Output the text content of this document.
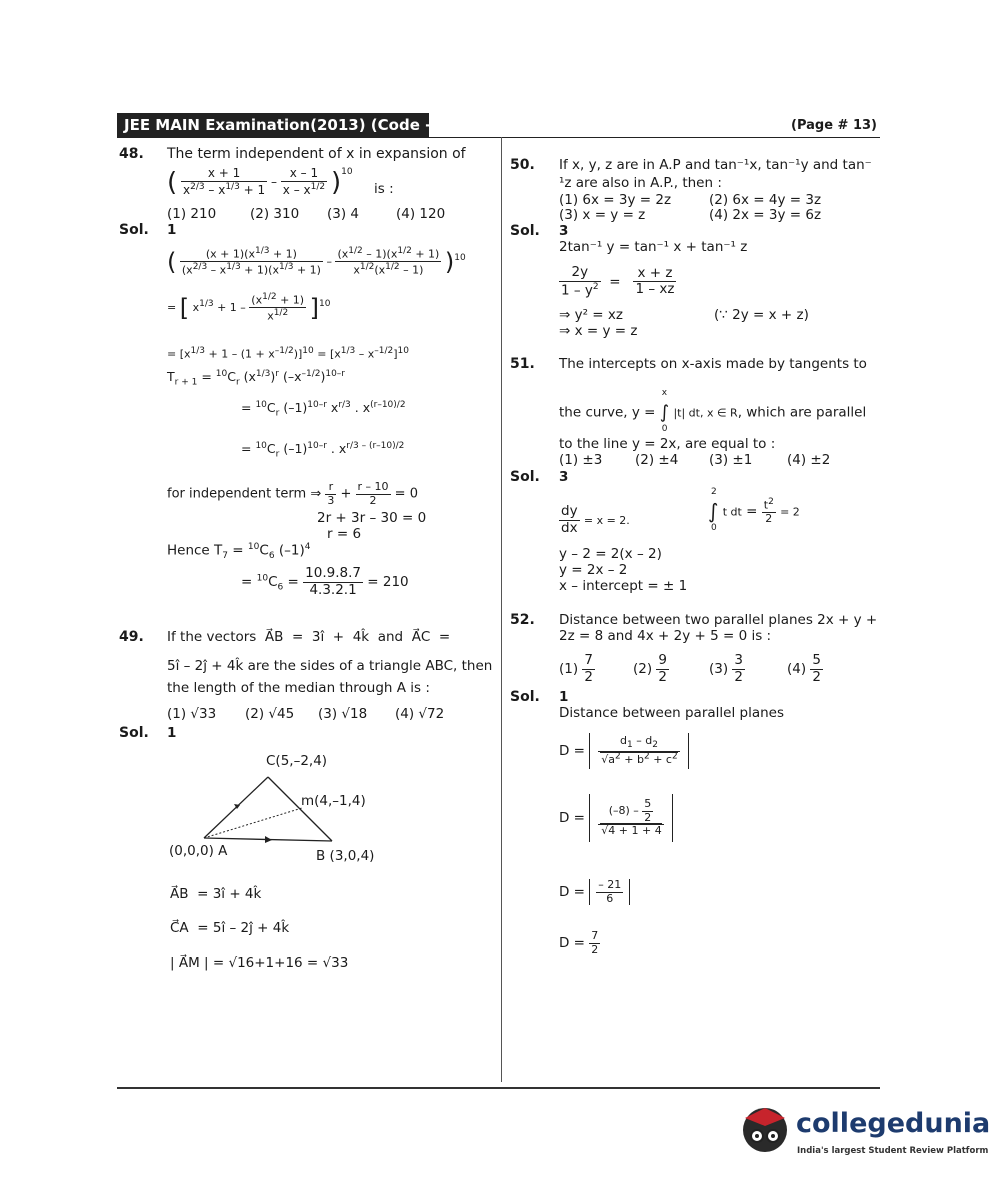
JEE MAIN Examination(2013) (Code - S)	(Page # 13)
48. The term independent of x in expansion of
( $\frac{x + 1}{x^{2/3} - x^{1/3} + 1} - \frac{x - 1}{x - x^{1/2}} )^{10}$
is :
(1) 210	(2) 310 (3) 4	(4) 120
Sol. 1
( $\frac{(x + 1)(x^{1/3} + 1)}{(x^{2/3} - x^{1/3} + 1)(x^{1/3} + 1)} - \frac{(x^{1/2} - 1)(x^{1/2} + 1)}{x^{1/2}(x^{1/2} - 1)} )^{10}$
= [ $x^{1/3} + 1 - \frac{(x^{1/2} + 1)}{x^{1/2}} ]^{10}$
= $[x^{1/3} + 1 - (1 + x^{-1/2})]^{10} = [x^{1/3} - x^{-1/2}]^{10}$
$T_{r + 1} = ^{10}C_r$ $(x^{1/3})^r$ $(-x^{-1/2})^{10-r}$
= $^{10}C_r$ $(-1)^{10-r}$ $x^{r/3}$ . $x^{(r-10)/2}$
= $^{10}C_r$ $(-1)^{10-r}$ . $x^{r/3 - (r-10)/2}$
for independent term ⇒ $\frac{r}{3} + \frac{r - 10}{2} = 0$
2r + 3r – 30 = 0
r = 6
Hence $T_7 = ^{10}C_6$ $(-1)^4$
= $^{10}C_6 = \frac{10.9.8.7}{4.3.2.1} = 210$
49. If the vectors  A⃗B  =  3î  +  4k̂  and  A⃗C  =
5î – 2ĵ + 4k̂ are the sides of a triangle ABC, then
the length of the median through A is :
(1) √33 (2) √45 (3) √18 (4) √72
Sol. 1
C(5,–2,4)
m(4,–1,4)
(0,0,0) A	B (3,0,4)
A⃗B  = 3î + 4k̂
C⃗A  = 5î – 2ĵ + 4k̂
| A⃗M | = √16+1+16 = √33
50. If x, y, z are in A.P and tan⁻¹x, tan⁻¹y and tan⁻
¹z are also in A.P., then :
(1) 6x = 3y = 2z	(2) 6x = 4y = 3z
(3) x = y = z	(4) 2x = 3y = 6z
Sol. 3
2tan⁻¹ y = tan⁻¹ x + tan⁻¹ z
$\frac{2y}{1 - y^2} = \frac{x + z}{1 - xz}$
⇒ y² = xz	(∵ 2y = x + z)
⇒ x = y = z
51. The intercepts on x-axis made by tangents to
the curve, y = ∫
x
0
|t| dt, x ∈ R, which are parallel
to the line y = 2x, are equal to :
(1) ±3 (2) ±4 (3) ±1	(4) ±2
Sol. 3
$\frac{dy}{dx} = x = 2$.	∫
2
0
t dt = $\frac{t^2}{2} = 2$
y – 2 = 2(x – 2)
y = 2x – 2
x – intercept = ± 1
52. Distance between two parallel planes 2x + y +
2z = 8 and 4x + 2y + 5 = 0 is :
$(1) \frac{7}{2}$	$(2) \frac{9}{2}$	$(3) \frac{3}{2}$	$(4) \frac{5}{2}$
Sol. 1
Distance between parallel planes
$D = \frac{d_1 - d_2}{√a^2 + b^2 + c^2}$
$D = \frac{(-8) - \frac{5}{2}}{√4 + 1 + 4}$
$D = \frac{- 21}{6}$
$D = \frac{7}{2}$
collegedunia
India's largest Student Review Platform
